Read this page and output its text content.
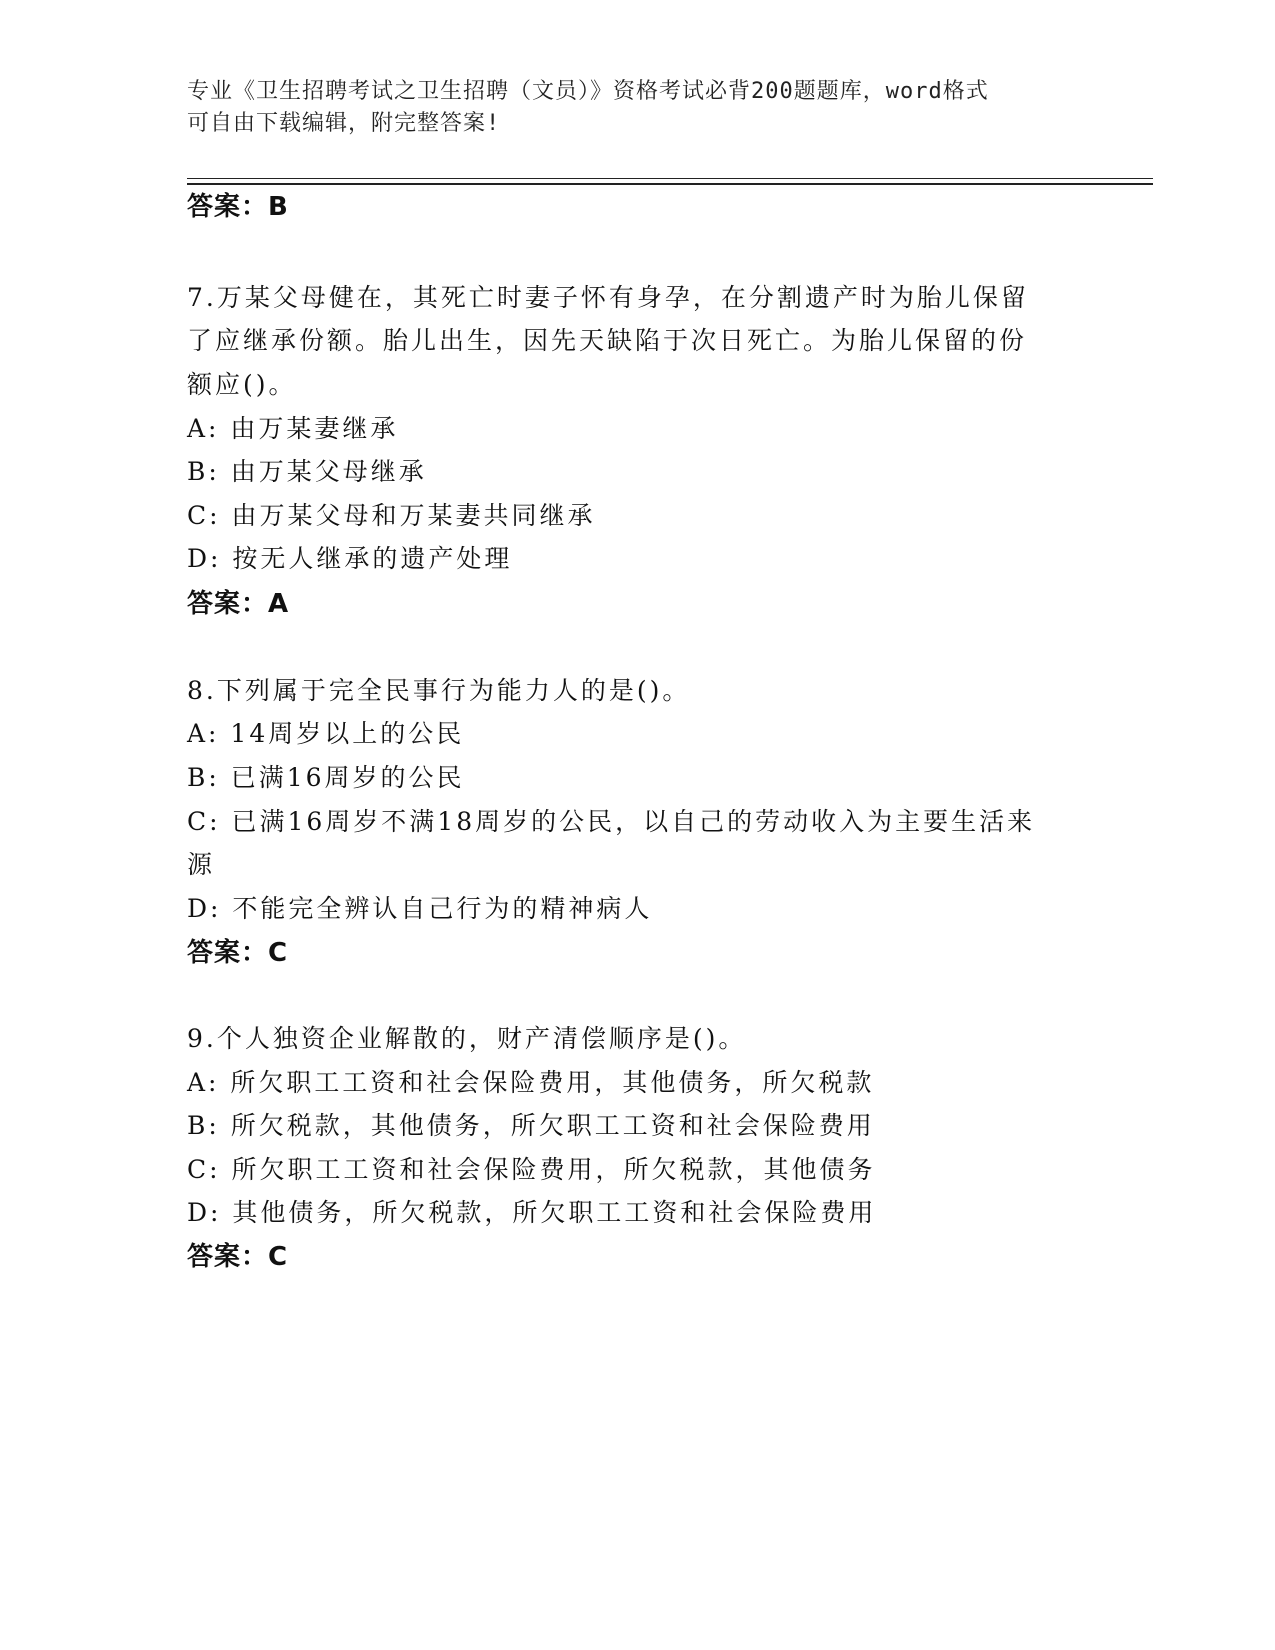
专业《卫生招聘考试之卫生招聘（文员）》资格考试必背200题题库，word格式
可自由下载编辑，附完整答案!
答案：B
7.万某父母健在，其死亡时妻子怀有身孕，在分割遗产时为胎儿保留
了应继承份额。胎儿出生，因先天缺陷于次日死亡。为胎儿保留的份
额应()。
A: 由万某妻继承
B: 由万某父母继承
C: 由万某父母和万某妻共同继承
D: 按无人继承的遗产处理
答案：A
8.下列属于完全民事行为能力人的是()。
A: 14周岁以上的公民
B: 已满16周岁的公民
C: 已满16周岁不满18周岁的公民，以自己的劳动收入为主要生活来
源
D: 不能完全辨认自己行为的精神病人
答案：C
9.个人独资企业解散的，财产清偿顺序是()。
A: 所欠职工工资和社会保险费用，其他债务，所欠税款
B: 所欠税款，其他债务，所欠职工工资和社会保险费用
C: 所欠职工工资和社会保险费用，所欠税款，其他债务
D: 其他债务，所欠税款，所欠职工工资和社会保险费用
答案：C
